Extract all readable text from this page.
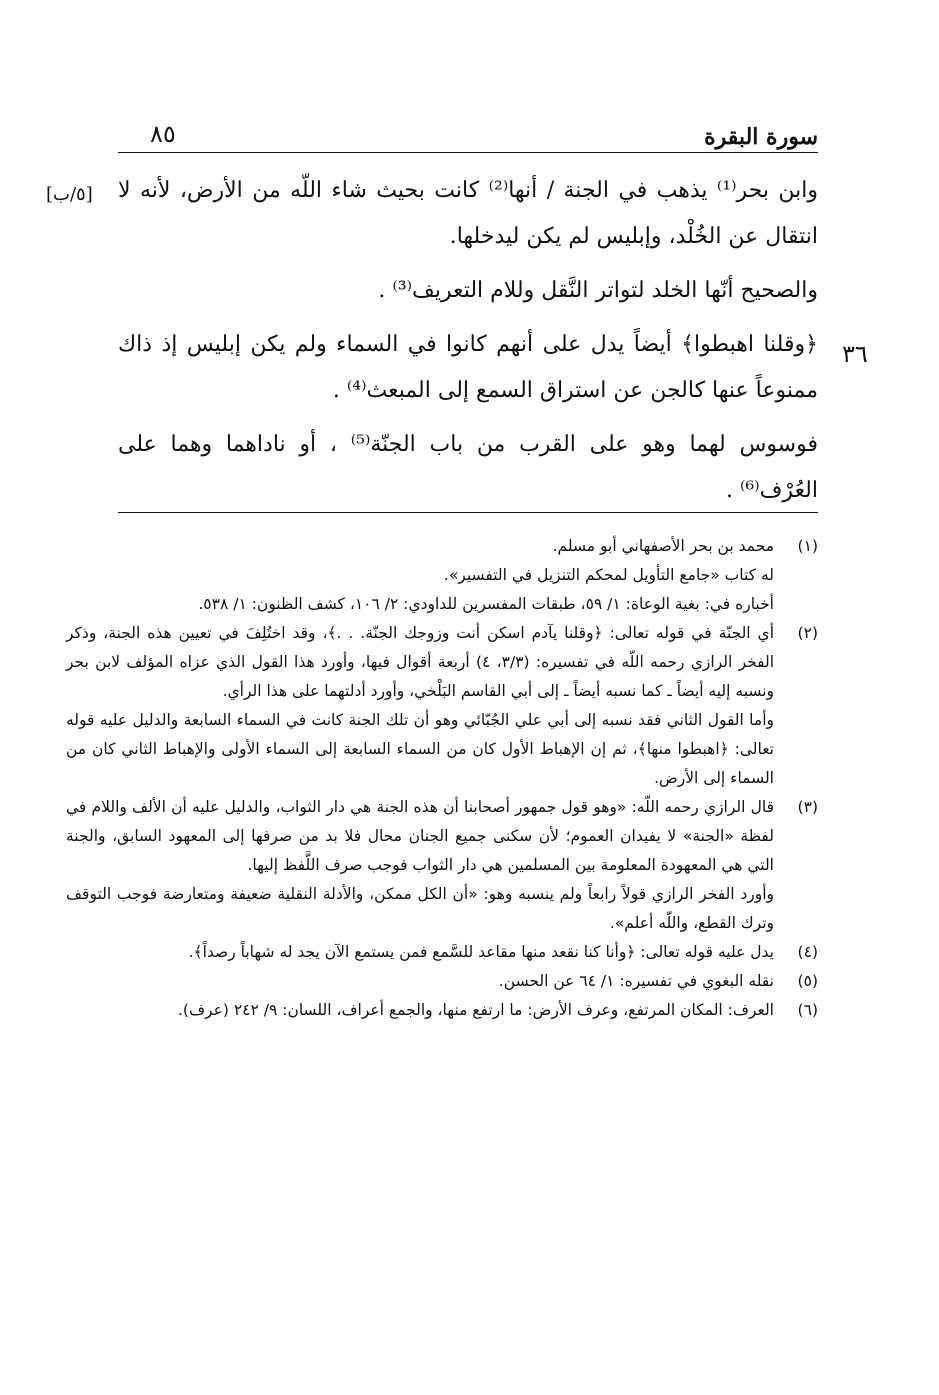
سورة البقرة
٨٥

وابن بحر⁽¹⁾ يذهب في الجنة / أنها⁽²⁾ كانت بحيث شاء اللّه من الأرض، لأنه لا انتقال عن الخُلْد، وإبليس لم يكن ليدخلها.

والصحيح أنّها الخلد لتواتر النَّقل وللام التعريف⁽³⁾ .

﴿وقلنا اهبطوا﴾ أيضاً يدل على أنهم كانوا في السماء ولم يكن إبليس إذ ذاك ممنوعاً عنها كالجن عن استراق السمع إلى المبعث⁽⁴⁾ .

فوسوس لهما وهو على القرب من باب الجنّة⁽⁵⁾ ، أو ناداهما وهما على العُرْف⁽⁶⁾ .

[٥/ب]
٣٦
(١)
محمد بن بحر الأصفهاني أبو مسلم.
له كتاب «جامع التأويل لمحكم التنزيل في التفسير».
أخباره في: بغية الوعاة: ١/ ٥٩، طبقات المفسرين للداودي: ٢/ ١٠٦، كشف الظنون: ١/ ٥٣٨.
(٢)
أي الجنّة في قوله تعالى: ﴿وقلنا يآدم اسكن أنت وزوجك الجنّة. . .﴾، وقد اختُلِفَ في تعيين هذه الجنة، وذكر الفخر الرازي رحمه اللّه في تفسيره: (٣/٣، ٤) أربعة أقوال فيها، وأورد هذا القول الذي عزاه المؤلف لابن بحر ونسبه إليه أيضاً ـ كما نسبه أيضاً ـ إلى أبي القاسم البَلْخي، وأورد أدلتهما على هذا الرأي.
وأما القول الثاني فقد نسبه إلى أبي علي الجُبّائي وهو أن تلك الجنة كانت في السماء السابعة والدليل عليه قوله تعالى: ﴿اهبطوا منها﴾، ثم إن الإهباط الأول كان من السماء السابعة إلى السماء الأولى والإهباط الثاني كان من السماء إلى الأرض.
(٣)
قال الرازي رحمه اللّه: «وهو قول جمهور أصحابنا أن هذه الجنة هي دار الثواب، والدليل عليه أن الألف واللام في لفظة «الجنة» لا يفيدان العموم؛ لأن سكنى جميع الجنان محال فلا بد من صرفها إلى المعهود السابق، والجنة التي هي المعهودة المعلومة بين المسلمين هي دار الثواب فوجب صرف اللَّفظ إليها.
وأورد الفخر الرازي قولاً رابعاً ولم ينسبه وهو: «أن الكل ممكن، والأدلة النقلية ضعيفة ومتعارضة فوجب التوقف وترك القطع، واللّه أعلم».
(٤)
يدل عليه قوله تعالى: ﴿وأنا كنا نقعد منها مقاعد للسَّمع فمن يستمع الآن يجد له شهاباً رصداً﴾.
(٥)
نقله البغوي في تفسيره: ١/ ٦٤ عن الحسن.
(٦)
العرف: المكان المرتفع، وعرف الأرض: ما ارتفع منها، والجمع أعراف، اللسان: ٩/ ٢٤٢ (عرف).
